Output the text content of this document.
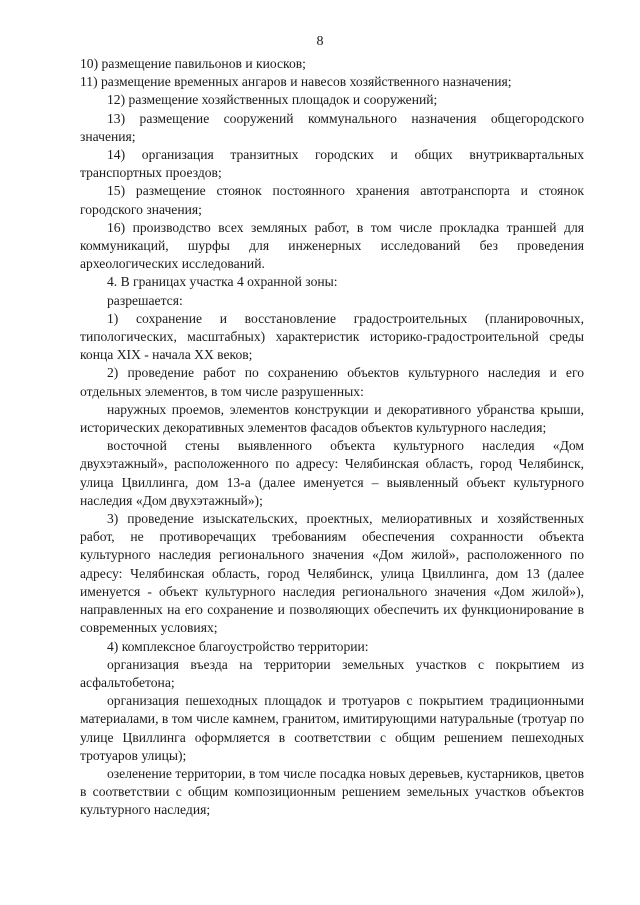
8

10) размещение павильонов и киосков;

11) размещение временных ангаров и навесов хозяйственного назначения;

12) размещение хозяйственных площадок и сооружений;

13) размещение сооружений коммунального назначения общегородского значения;

14) организация транзитных городских и общих внутриквартальных транспортных проездов;

15) размещение стоянок постоянного хранения автотранспорта и стоянок городского значения;

16) производство всех земляных работ, в том числе прокладка траншей для коммуникаций, шурфы для инженерных исследований без проведения археологических исследований.

4. В границах участка 4 охранной зоны:

разрешается:

1) сохранение и восстановление градостроительных (планировочных, типологических, масштабных) характеристик историко-градостроительной среды конца XIX - начала XX веков;

2) проведение работ по сохранению объектов культурного наследия и его отдельных элементов, в том числе разрушенных:

наружных проемов, элементов конструкции и декоративного убранства крыши, исторических декоративных элементов фасадов объектов культурного наследия;

восточной стены выявленного объекта культурного наследия «Дом двухэтажный», расположенного по адресу: Челябинская область, город Челябинск, улица Цвиллинга, дом 13-а (далее именуется – выявленный объект культурного наследия «Дом двухэтажный»);

3) проведение изыскательских, проектных, мелиоративных и хозяйственных работ, не противоречащих требованиям обеспечения сохранности объекта культурного наследия регионального значения «Дом жилой», расположенного по адресу: Челябинская область, город Челябинск, улица Цвиллинга, дом 13 (далее именуется - объект культурного наследия регионального значения «Дом жилой»), направленных на его сохранение и позволяющих обеспечить их функционирование в современных условиях;

4) комплексное благоустройство территории:

организация въезда на территории земельных участков с покрытием из асфальтобетона;

организация пешеходных площадок и тротуаров с покрытием традиционными материалами, в том числе камнем, гранитом, имитирующими натуральные (тротуар по улице Цвиллинга оформляется в соответствии с общим решением пешеходных тротуаров улицы);

озеленение территории, в том числе посадка новых деревьев, кустарников, цветов в соответствии с общим композиционным решением земельных участков объектов культурного наследия;
